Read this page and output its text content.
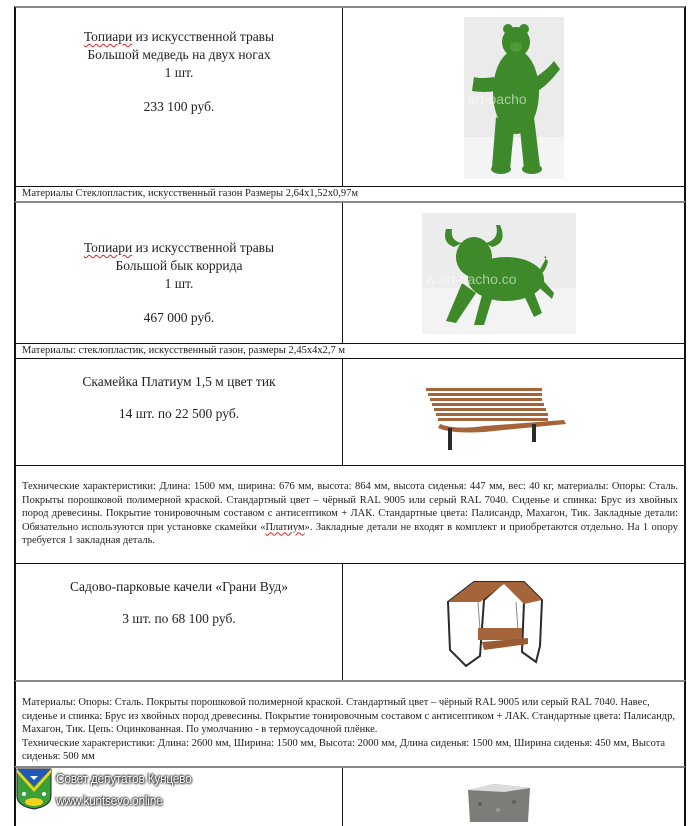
Топиари из искусственной травы
Большой медведь на двух ногах
1 шт.
233 100 руб.	art-bacho
Материалы Стеклопластик, искусственный газон Размеры 2,64х1,52х0,97м
Топиари из искусственной травы
Большой бык коррида
1 шт.
467 000 руб.
w.art-bacho.co
Материалы: стеклопластик, искусственный газон, размеры 2,45х4х2,7 м
Скамейка Платиум 1,5 м цвет тик
14 шт. по 22 500 руб.
Технические характеристики: Длина: 1500 мм, ширина: 676 мм, высота: 864 мм, высота сиденья: 447 мм, вес: 40 кг, материалы: Опоры: Сталь. Покрыты порошковой полимерной краской. Стандартный цвет – чёрный RAL 9005 или серый RAL 7040. Сиденье и спинка: Брус из хвойных пород древесины. Покрытие тонировочным составом с антисептиком + ЛАК. Стандартные цвета: Палисандр, Махагон, Тик. Закладные детали: Обязательно используются при установке скамейки «Платиум». Закладные детали не входят в комплект и приобретаются отдельно. На 1 опору требуется 1 закладная деталь.
Садово-парковые качели «Грани Вуд»
3 шт. по 68 100 руб.
Материалы: Опоры: Сталь. Покрыты порошковой полимерной краской. Стандартный цвет – чёрный RAL 9005 или серый RAL 7040. Навес, сиденье и спинка: Брус из хвойных пород древесины. Покрытие тонировочным составом с антисептиком + ЛАК. Стандартные цвета: Палисандр, Махагон, Тик. Цепь: Оцинкованная. По умолчанию - в термоусадочной плёнке.
Технические характеристики: Длина: 2600 мм, Ширина: 1500 мм, Высота: 2000 мм, Длина сиденья: 1500 мм, Ширина сиденья: 450 мм, Высота сиденья: 500 мм
Совет депутатов Кунцево
www.kuntsevo.online
